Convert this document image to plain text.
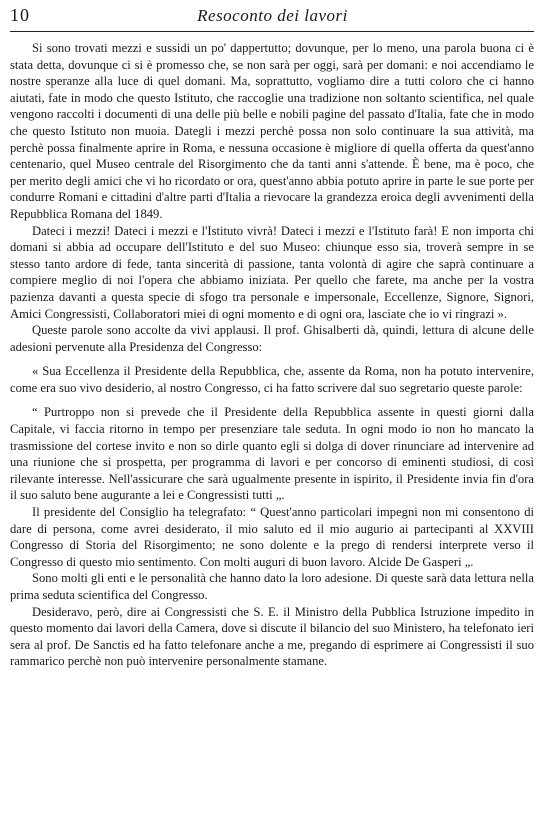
10	Resoconto dei lavori

Si sono trovati mezzi e sussidi un po' dappertutto; dovunque, per lo meno, una parola buona ci è stata detta, dovunque ci si è promesso che, se non sarà per oggi, sarà per domani: e noi accendiamo le nostre speranze alla luce di quel domani. Ma, soprattutto, vogliamo dire a tutti coloro che ci hanno aiutati, fate in modo che questo Istituto, che raccoglie una tradizione non soltanto scientifica, nel quale vengono raccolti i documenti di una delle più belle e nobili pagine del passato d'Italia, fate che in modo che questo Istituto non muoia. Dategli i mezzi perchè possa non solo continuare la sua attività, ma perchè possa finalmente aprire in Roma, e nessuna occasione è migliore di quella offerta da quest'anno centenario, quel Museo centrale del Risorgimento che da tanti anni s'attende. È bene, ma è poco, che per merito degli amici che vi ho ricordato or ora, quest'anno abbia potuto aprire in parte le sue porte per condurre Romani e cittadini d'altre parti d'Italia a rievocare la grandezza eroica degli avvenimenti della Repubblica Romana del 1849.

Dateci i mezzi! Dateci i mezzi e l'Istituto vivrà! Dateci i mezzi e l'Istituto farà! E non importa chi domani si abbia ad occupare dell'Istituto e del suo Museo: chiunque esso sia, troverà sempre in se stesso tanto ardore di fede, tanta sincerità di passione, tanta volontà di agire che saprà continuare a compiere meglio di noi l'opera che abbiamo iniziata. Per quello che farete, ma anche per la vostra pazienza davanti a questa specie di sfogo tra personale e impersonale, Eccellenze, Signore, Signori, Amici Congressisti, Collaboratori miei di ogni momento e di ogni ora, lasciate che io vi ringrazi ».

Queste parole sono accolte da vivi applausi. Il prof. Ghisalberti dà, quindi, lettura di alcune delle adesioni pervenute alla Presidenza del Congresso:

« Sua Eccellenza il Presidente della Repubblica, che, assente da Roma, non ha potuto intervenire, come era suo vivo desiderio, al nostro Congresso, ci ha fatto scrivere dal suo segretario queste parole:

“ Purtroppo non si prevede che il Presidente della Repubblica assente in questi giorni dalla Capitale, vi faccia ritorno in tempo per presenziare tale seduta. In ogni modo io non ho mancato la trasmissione del cortese invito e non so dirle quanto egli si dolga di dover rinunciare ad intervenire ad una riunione che si prospetta, per programma di lavori e per concorso di eminenti studiosi, di così rilevante interesse. Nell'assicurare che sarà ugualmente presente in ispirito, il Presidente invia fin d'ora il suo saluto bene augurante a lei e Congressisti tutti „.

Il presidente del Consiglio ha telegrafato: “ Quest'anno particolari impegni non mi consentono di dare di persona, come avrei desiderato, il mio saluto ed il mio augurio ai partecipanti al XXVIII Congresso di Storia del Risorgimento; ne sono dolente e la prego di rendersi interprete verso il Congresso di questo mio sentimento. Con molti auguri di buon lavoro. Alcide De Gasperi „.

Sono molti gli enti e le personalità che hanno dato la loro adesione. Di queste sarà data lettura nella prima seduta scientifica del Congresso.

Desideravo, però, dire ai Congressisti che S. E. il Ministro della Pubblica Istruzione impedito in questo momento dai lavori della Camera, dove si discute il bilancio del suo Ministero, ha telefonato ieri sera al prof. De Sanctis ed ha fatto telefonare anche a me, pregando di esprimere ai Congressisti il suo rammarico perchè non può intervenire personalmente stamane.
